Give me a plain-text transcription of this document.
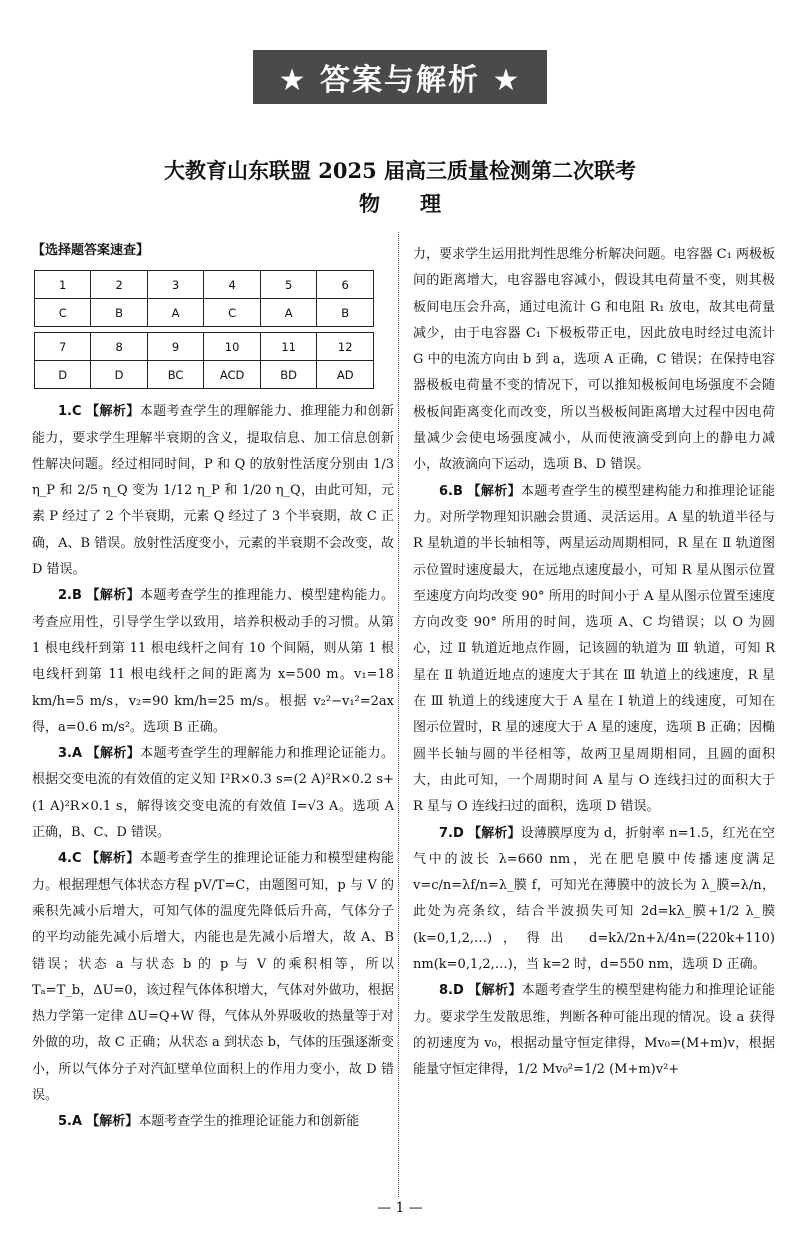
★ 答案与解析 ★
大教育山东联盟 2025 届高三质量检测第二次联考
物理
【选择题答案速查】
1	2	3	4	5	6
C	B	A	C	A	B

7	8	9	10	11	12
D	D	BC	ACD	BD	AD

1.C 【解析】本题考查学生的理解能力、推理能力和创新能力，要求学生理解半衰期的含义，提取信息、加工信息创新性解决问题。经过相同时间，P 和 Q 的放射性活度分别由 1/3 η_P 和 2/5 η_Q 变为 1/12 η_P 和 1/20 η_Q，由此可知，元素 P 经过了 2 个半衰期，元素 Q 经过了 3 个半衰期，故 C 正确，A、B 错误。放射性活度变小，元素的半衰期不会改变，故 D 错误。

2.B 【解析】本题考查学生的推理能力、模型建构能力。考查应用性，引导学生学以致用，培养积极动手的习惯。从第 1 根电线杆到第 11 根电线杆之间有 10 个间隔，则从第 1 根电线杆到第 11 根电线杆之间的距离为 x=500 m。v₁=18 km/h=5 m/s，v₂=90 km/h=25 m/s。根据 v₂²−v₁²=2ax 得，a=0.6 m/s²。选项 B 正确。

3.A 【解析】本题考查学生的理解能力和推理论证能力。根据交变电流的有效值的定义知 I²R×0.3 s=(2 A)²R×0.2 s+(1 A)²R×0.1 s，解得该交变电流的有效值 I=√3 A。选项 A 正确，B、C、D 错误。

4.C 【解析】本题考查学生的推理论证能力和模型建构能力。根据理想气体状态方程 pV/T=C，由题图可知，p 与 V 的乘积先减小后增大，可知气体的温度先降低后升高，气体分子的平均动能先减小后增大，内能也是先减小后增大，故 A、B 错误；状态 a 与状态 b 的 p 与 V 的乘积相等，所以 Tₐ=T_b，ΔU=0，该过程气体体积增大，气体对外做功，根据热力学第一定律 ΔU=Q+W 得，气体从外界吸收的热量等于对外做的功，故 C 正确；从状态 a 到状态 b，气体的压强逐渐变小，所以气体分子对汽缸壁单位面积上的作用力变小，故 D 错误。

5.A 【解析】本题考查学生的推理论证能力和创新能

力，要求学生运用批判性思维分析解决问题。电容器 C₁ 两极板间的距离增大，电容器电容减小，假设其电荷量不变，则其极板间电压会升高，通过电流计 G 和电阻 R₁ 放电，故其电荷量减少，由于电容器 C₁ 下极板带正电，因此放电时经过电流计 G 中的电流方向由 b 到 a，选项 A 正确，C 错误；在保持电容器极板电荷量不变的情况下，可以推知极板间电场强度不会随极板间距离变化而改变，所以当极板间距离增大过程中因电荷量减少会使电场强度减小，从而使液滴受到向上的静电力减小，故液滴向下运动，选项 B、D 错误。

6.B 【解析】本题考查学生的模型建构能力和推理论证能力。对所学物理知识融会贯通、灵活运用。A 星的轨道半径与 R 星轨道的半长轴相等，两星运动周期相同，R 星在 Ⅱ 轨道图示位置时速度最大，在远地点速度最小，可知 R 星从图示位置至速度方向均改变 90° 所用的时间小于 A 星从图示位置至速度方向改变 90° 所用的时间，选项 A、C 均错误；以 O 为圆心，过 Ⅱ 轨道近地点作圆，记该圆的轨道为 Ⅲ 轨道，可知 R 星在 Ⅱ 轨道近地点的速度大于其在 Ⅲ 轨道上的线速度，R 星在 Ⅲ 轨道上的线速度大于 A 星在 Ⅰ 轨道上的线速度，可知在图示位置时，R 星的速度大于 A 星的速度，选项 B 正确；因椭圆半长轴与圆的半径相等，故两卫星周期相同，且圆的面积大，由此可知，一个周期时间 A 星与 O 连线扫过的面积大于 R 星与 O 连线扫过的面积，选项 D 错误。

7.D 【解析】设薄膜厚度为 d，折射率 n=1.5，红光在空气中的波长 λ=660 nm，光在肥皂膜中传播速度满足 v=c/n=λf/n=λ_膜 f，可知光在薄膜中的波长为 λ_膜=λ/n，此处为亮条纹，结合半波损失可知 2d=kλ_膜+1/2 λ_膜 (k=0,1,2,…)，得出 d=kλ/2n+λ/4n=(220k+110) nm(k=0,1,2,…)，当 k=2 时，d=550 nm，选项 D 正确。

8.D 【解析】本题考查学生的模型建构能力和推理论证能力。要求学生发散思维，判断各种可能出现的情况。设 a 获得的初速度为 v₀，根据动量守恒定律得，Mv₀=(M+m)v，根据能量守恒定律得，1/2 Mv₀²=1/2 (M+m)v²+

— 1 —
